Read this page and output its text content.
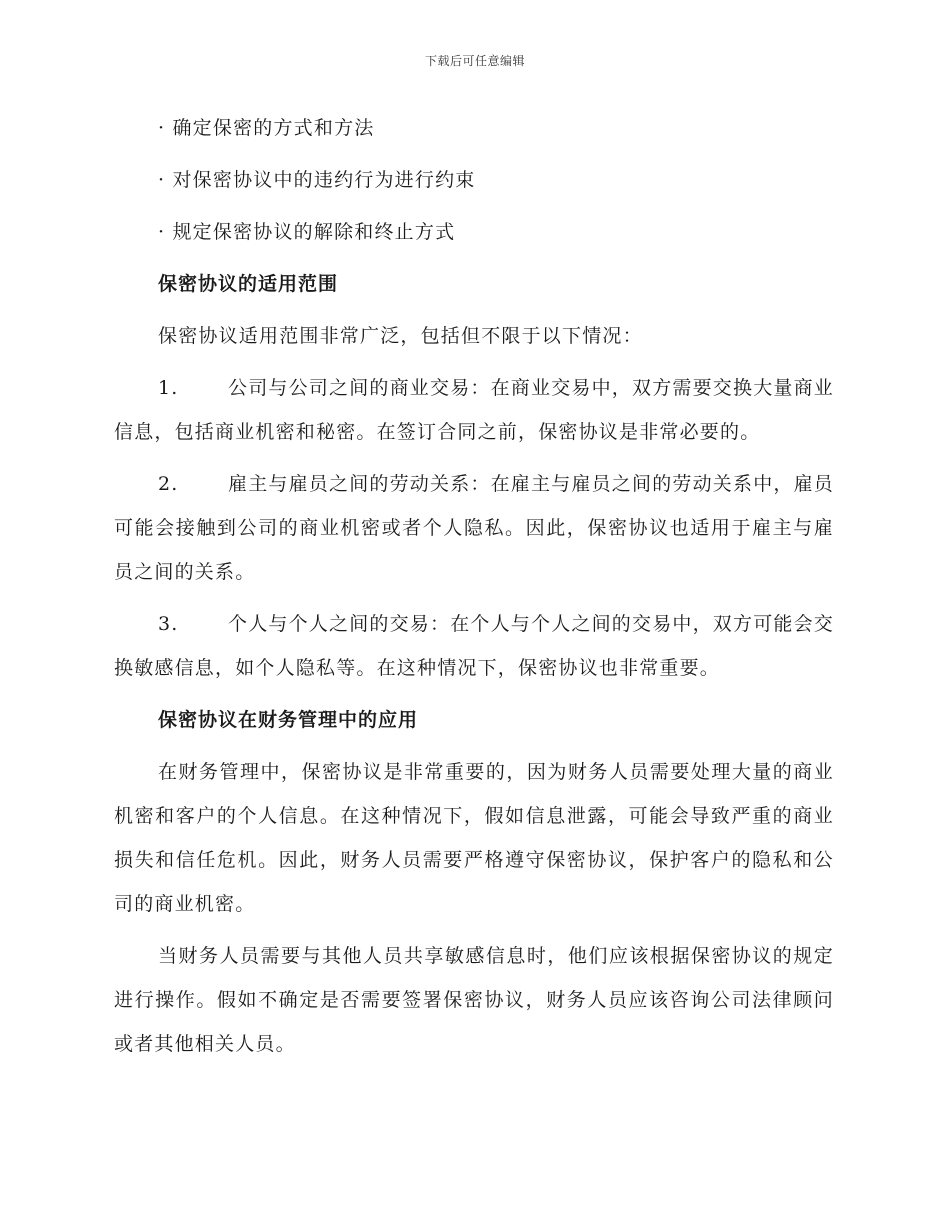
下载后可任意编辑
· 确定保密的方式和方法
· 对保密协议中的违约行为进行约束
· 规定保密协议的解除和终止方式
保密协议的适用范围

保密协议适用范围非常广泛，包括但不限于以下情况：

1.	公司与公司之间的商业交易：在商业交易中，双方需要交换大量商业信息，包括商业机密和秘密。在签订合同之前，保密协议是非常必要的。
2.	雇主与雇员之间的劳动关系：在雇主与雇员之间的劳动关系中，雇员可能会接触到公司的商业机密或者个人隐私。因此，保密协议也适用于雇主与雇员之间的关系。
3.	个人与个人之间的交易：在个人与个人之间的交易中，双方可能会交换敏感信息，如个人隐私等。在这种情况下，保密协议也非常重要。
保密协议在财务管理中的应用

在财务管理中，保密协议是非常重要的，因为财务人员需要处理大量的商业机密和客户的个人信息。在这种情况下，假如信息泄露，可能会导致严重的商业损失和信任危机。因此，财务人员需要严格遵守保密协议，保护客户的隐私和公司的商业机密。

当财务人员需要与其他人员共享敏感信息时，他们应该根据保密协议的规定进行操作。假如不确定是否需要签署保密协议，财务人员应该咨询公司法律顾问或者其他相关人员。
